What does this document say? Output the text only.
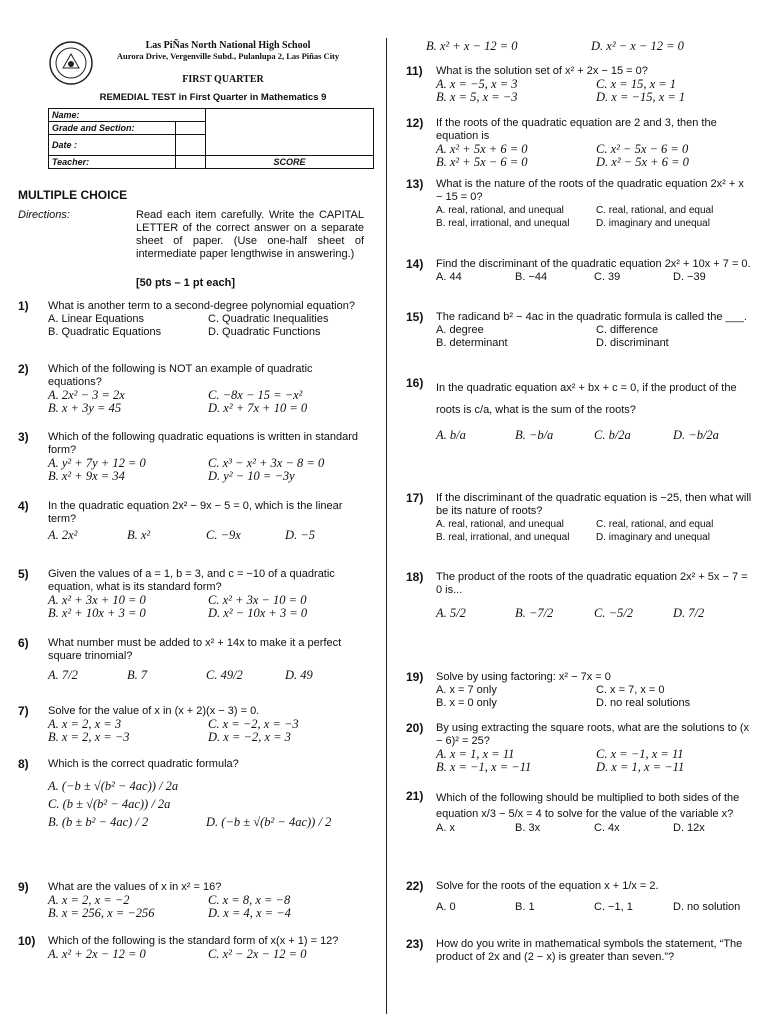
Las PiÑas North National High School
Aurora Drive, Vergenville Subd., Pulanlupa 2, Las Piñas City
FIRST QUARTER
REMEDIAL TEST in First Quarter in Mathematics 9
Name:		
Grade and Section:		
Date :		
Teacher:		SCORE
MULTIPLE CHOICE
Directions:	Read each item carefully. Write the CAPITAL LETTER of the correct answer on a separate sheet of paper. (Use one-half sheet of intermediate paper lengthwise in answering.)
[50 pts – 1 pt each]
1) What is another term to a second-degree polynomial equation?
A. Linear Equations	C. Quadratic Inequalities
B. Quadratic Equations	D. Quadratic Functions
2) Which of the following is NOT an example of quadratic equations?
A. 2x² − 3 = 2x	C. −8x − 15 = −x²
B. x + 3y = 45	D. x² + 7x + 10 = 0
3) Which of the following quadratic equations is written in standard form?
A. y² + 7y + 12 = 0	C. x³ − x² + 3x − 8 = 0
B. x² + 9x = 34	D. y² − 10 = −3y
4) In the quadratic equation 2x² − 9x − 5 = 0, which is the linear term?
A. 2x²	B. x²	C. −9x	D. −5
5) Given the values of a = 1, b = 3, and c = −10 of a quadratic equation, what is its standard form?
A. x² + 3x + 10 = 0	C. x² + 3x − 10 = 0
B. x² + 10x + 3 = 0	D. x² − 10x + 3 = 0
6) What number must be added to x² + 14x to make it a perfect square trinomial?
A. 7/2	B. 7	C. 49/2	D. 49
7) Solve for the value of x in (x + 2)(x − 3) = 0.
A. x = 2, x = 3	C. x = −2, x = −3
B. x = 2, x = −3	D. x = −2, x = 3
8) Which is the correct quadratic formula?
A. (−b ± √(b² − 4ac)) / 2a
C. (b ± √(b² − 4ac)) / 2a
B. (b ± b² − 4ac) / 2	D. (−b ± √(b² − 4ac)) / 2
9) What are the values of x in x² = 16?
A. x = 2, x = −2	C. x = 8, x = −8
B. x = 256, x = −256	D. x = 4, x = −4
10) Which of the following is the standard form of x(x + 1) = 12?
A. x² + 2x − 12 = 0	C. x² − 2x − 12 = 0
B. x² + x − 12 = 0	D. x² − x − 12 = 0
11) What is the solution set of x² + 2x − 15 = 0?
A. x = −5, x = 3	C. x = 15, x = 1
B. x = 5, x = −3	D. x = −15, x = 1
12) If the roots of the quadratic equation are 2 and 3, then the equation is
A. x² + 5x + 6 = 0	C. x² − 5x − 6 = 0
B. x² + 5x − 6 = 0	D. x² − 5x + 6 = 0
13) What is the nature of the roots of the quadratic equation 2x² + x − 15 = 0?
A. real, rational, and unequal	C. real, rational, and equal
B. real, irrational, and unequal	D. imaginary and unequal
14) Find the discriminant of the quadratic equation 2x² + 10x + 7 = 0.
A. 44	B. −44	C. 39	D. −39
15) The radicand b² − 4ac in the quadratic formula is called the ___.
A. degree	C. difference
B. determinant	D. discriminant
16) In the quadratic equation ax² + bx + c = 0, if the product of the roots is c/a, what is the sum of the roots?
A. b/a	B. −b/a	C. b/2a	D. −b/2a
17) If the discriminant of the quadratic equation is −25, then what will be its nature of roots?
A. real, rational, and unequal	C. real, rational, and equal
B. real, irrational, and unequal	D. imaginary and unequal
18) The product of the roots of the quadratic equation 2x² + 5x − 7 = 0 is...
A. 5/2	B. −7/2	C. −5/2	D. 7/2
19) Solve by using factoring: x² − 7x = 0
A. x = 7 only	C. x = 7, x = 0
B. x = 0 only	D. no real solutions
20) By using extracting the square roots, what are the solutions to (x − 6)² = 25?
A. x = 1, x = 11	C. x = −1, x = 11
B. x = −1, x = −11	D. x = 1, x = −11
21) Which of the following should be multiplied to both sides of the equation x/3 − 5/x = 4 to solve for the value of the variable x?
A. x	B. 3x	C. 4x	D. 12x
22) Solve for the roots of the equation x + 1/x = 2.
A. 0	B. 1	C. −1, 1	D. no solution
23) How do you write in mathematical symbols the statement, “The product of 2x and (2 − x) is greater than seven.”?
